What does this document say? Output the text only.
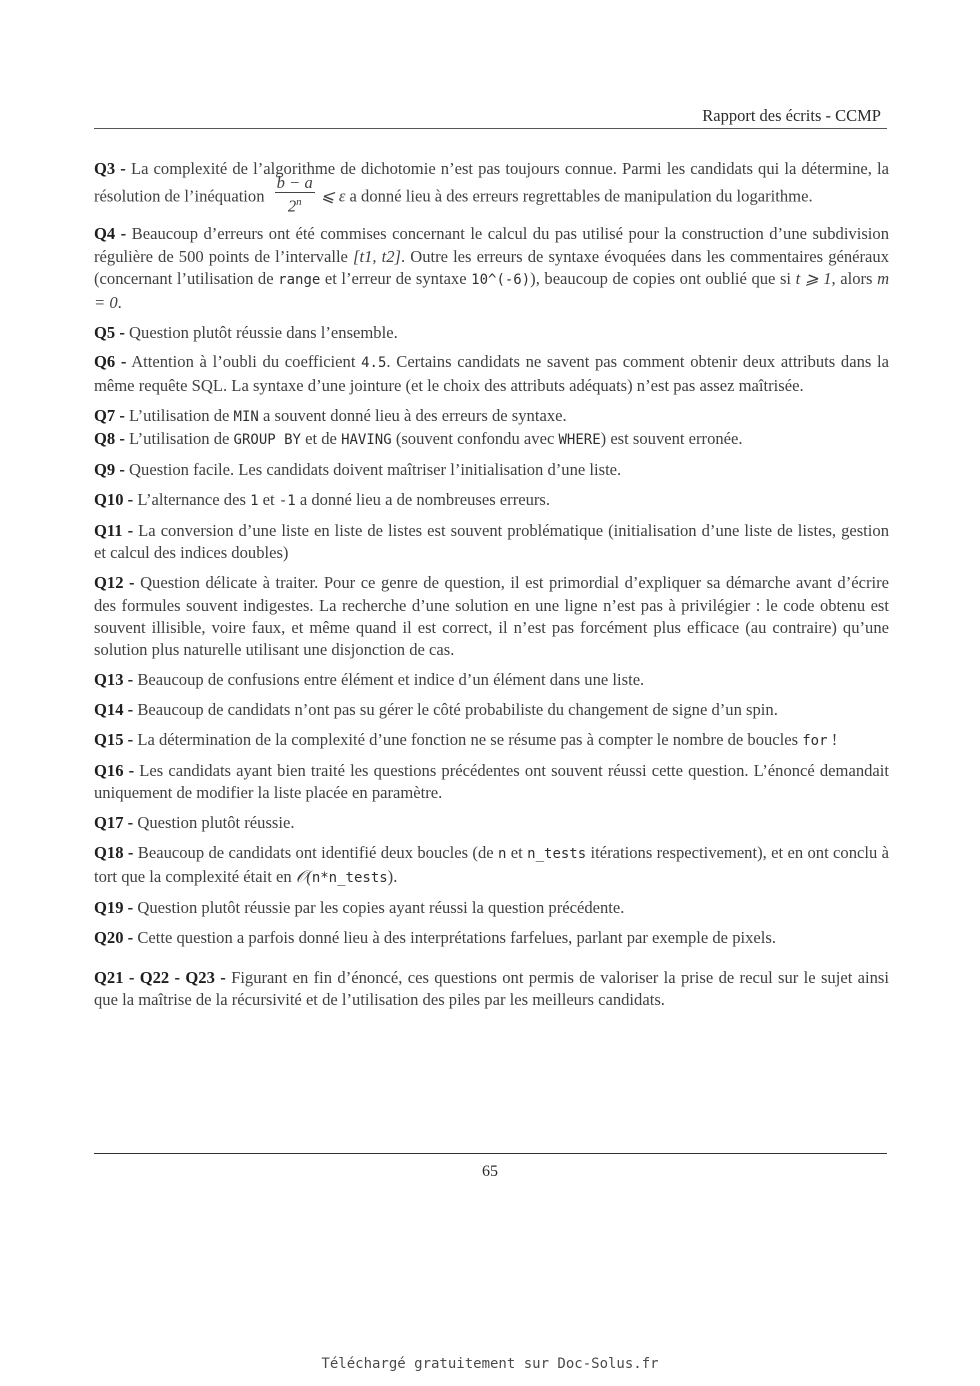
Rapport des écrits - CCMP

Q3 - La complexité de l’algorithme de dichotomie n’est pas toujours connue. Parmi les candidats qui la détermine, la résolution de l’inéquation $\frac{b - a}{2^n}$ ⩽ ε a donné lieu à des erreurs regrettables de manipulation du logarithme.

Q4 - Beaucoup d’erreurs ont été commises concernant le calcul du pas utilisé pour la construction d’une subdivision régulière de 500 points de l’intervalle [t1, t2]. Outre les erreurs de syntaxe évoquées dans les commentaires généraux (concernant l’utilisation de range et l’erreur de syntaxe 10^(-6)), beaucoup de copies ont oublié que si t ⩾ 1, alors m = 0.

Q5 - Question plutôt réussie dans l’ensemble.

Q6 - Attention à l’oubli du coefficient 4.5. Certains candidats ne savent pas comment obtenir deux attributs dans la même requête SQL. La syntaxe d’une jointure (et le choix des attributs adéquats) n’est pas assez maîtrisée.

Q7 - L’utilisation de MIN a souvent donné lieu à des erreurs de syntaxe.

Q8 - L’utilisation de GROUP BY et de HAVING (souvent confondu avec WHERE) est souvent erronée.

Q9 - Question facile. Les candidats doivent maîtriser l’initialisation d’une liste.

Q10 - L’alternance des 1 et -1 a donné lieu a de nombreuses erreurs.

Q11 - La conversion d’une liste en liste de listes est souvent problématique (initialisation d’une liste de listes, gestion et calcul des indices doubles)

Q12 - Question délicate à traiter. Pour ce genre de question, il est primordial d’expliquer sa démarche avant d’écrire des formules souvent indigestes. La recherche d’une solution en une ligne n’est pas à privilégier : le code obtenu est souvent illisible, voire faux, et même quand il est correct, il n’est pas forcément plus efficace (au contraire) qu’une solution plus naturelle utilisant une disjonction de cas.

Q13 - Beaucoup de confusions entre élément et indice d’un élément dans une liste.

Q14 - Beaucoup de candidats n’ont pas su gérer le côté probabiliste du changement de signe d’un spin.

Q15 - La détermination de la complexité d’une fonction ne se résume pas à compter le nombre de boucles for !

Q16 - Les candidats ayant bien traité les questions précédentes ont souvent réussi cette question. L’énoncé demandait uniquement de modifier la liste placée en paramètre.

Q17 - Question plutôt réussie.

Q18 - Beaucoup de candidats ont identifié deux boucles (de n et n_tests itérations respectivement), et en ont conclu à tort que la complexité était en 𝒪(n*n_tests).

Q19 - Question plutôt réussie par les copies ayant réussi la question précédente.

Q20 - Cette question a parfois donné lieu à des interprétations farfelues, parlant par exemple de pixels.

Q21 - Q22 - Q23 - Figurant en fin d’énoncé, ces questions ont permis de valoriser la prise de recul sur le sujet ainsi que la maîtrise de la récursivité et de l’utilisation des piles par les meilleurs candidats.

65
Téléchargé gratuitement sur Doc-Solus.fr
